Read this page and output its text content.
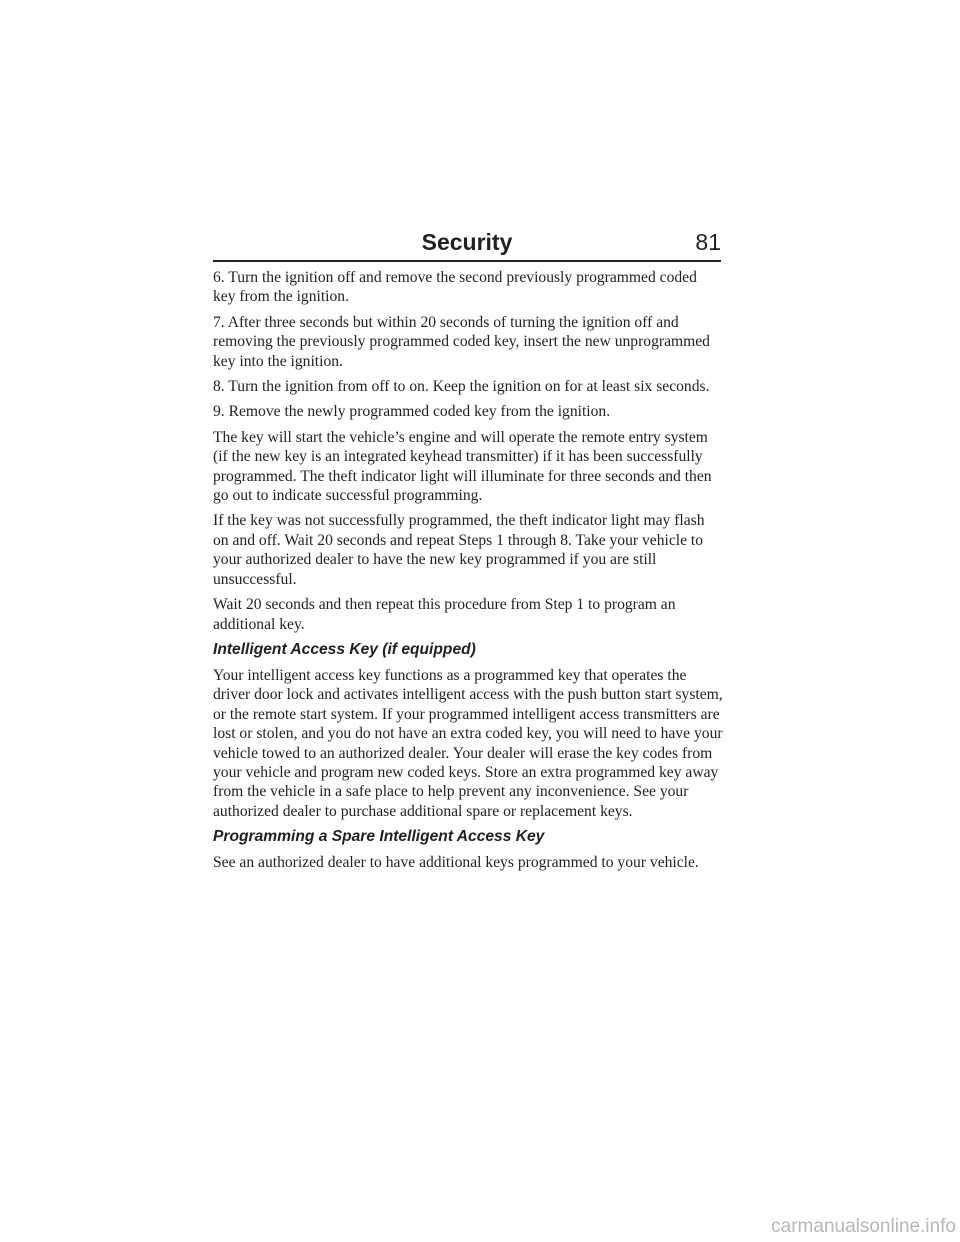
Security	81

6. Turn the ignition off and remove the second previously programmed coded key from the ignition.

7. After three seconds but within 20 seconds of turning the ignition off and removing the previously programmed coded key, insert the new unprogrammed key into the ignition.

8. Turn the ignition from off to on. Keep the ignition on for at least six seconds.

9. Remove the newly programmed coded key from the ignition.

The key will start the vehicle’s engine and will operate the remote entry system (if the new key is an integrated keyhead transmitter) if it has been successfully programmed. The theft indicator light will illuminate for three seconds and then go out to indicate successful programming.

If the key was not successfully programmed, the theft indicator light may flash on and off. Wait 20 seconds and repeat Steps 1 through 8. Take your vehicle to your authorized dealer to have the new key programmed if you are still unsuccessful.

Wait 20 seconds and then repeat this procedure from Step 1 to program an additional key.

Intelligent Access Key (if equipped)

Your intelligent access key functions as a programmed key that operates the driver door lock and activates intelligent access with the push button start system, or the remote start system. If your programmed intelligent access transmitters are lost or stolen, and you do not have an extra coded key, you will need to have your vehicle towed to an authorized dealer. Your dealer will erase the key codes from your vehicle and program new coded keys. Store an extra programmed key away from the vehicle in a safe place to help prevent any inconvenience. See your authorized dealer to purchase additional spare or replacement keys.

Programming a Spare Intelligent Access Key

See an authorized dealer to have additional keys programmed to your vehicle.

carmanualsonline.info
